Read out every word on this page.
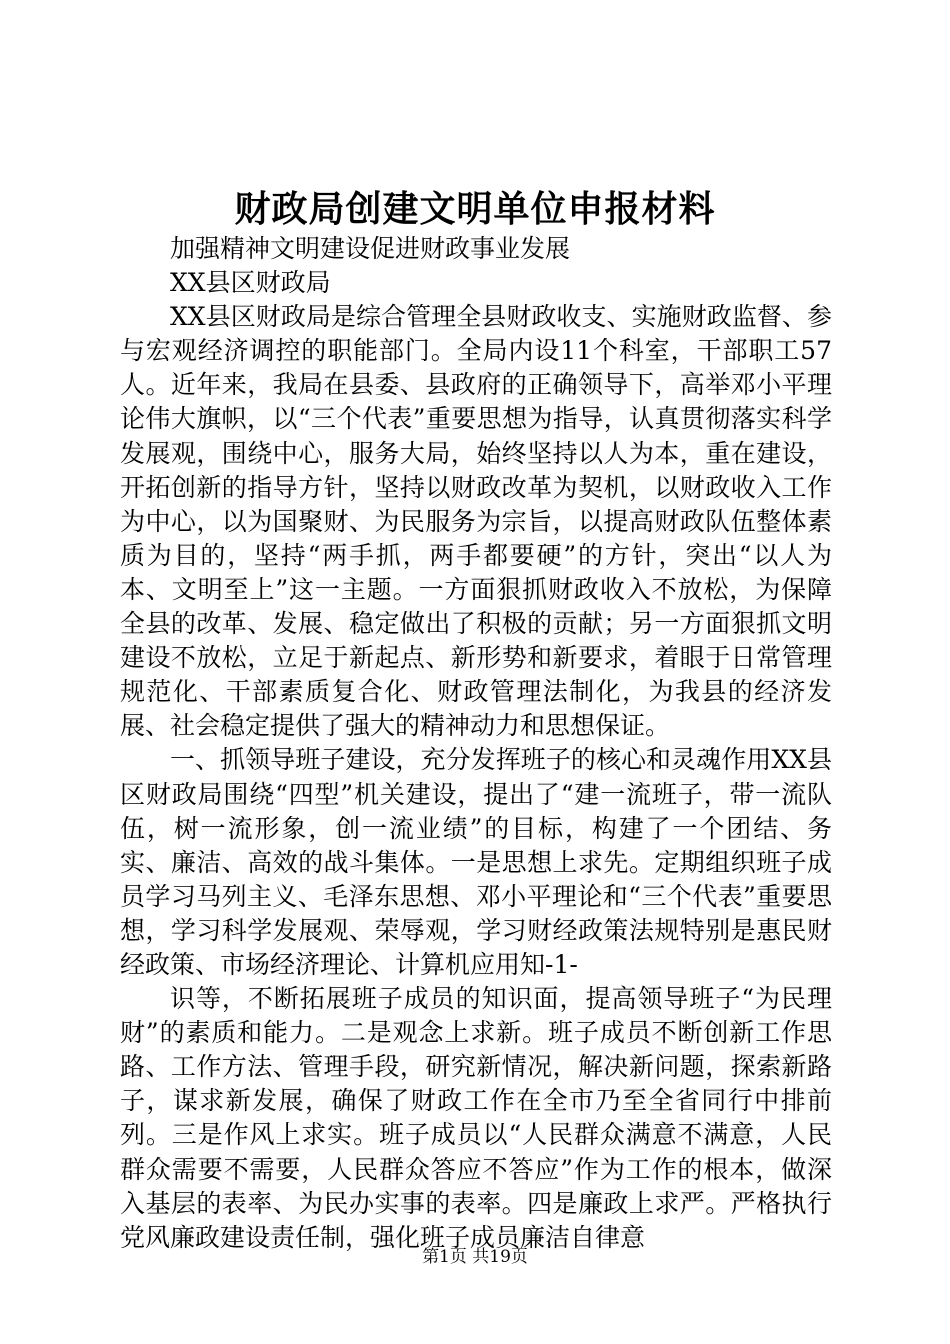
财政局创建文明单位申报材料

加强精神文明建设促进财政事业发展

XX县区财政局

XX县区财政局是综合管理全县财政收支、实施财政监督、参与宏观经济调控的职能部门。全局内设11个科室，干部职工57人。近年来，我局在县委、县政府的正确领导下，高举邓小平理论伟大旗帜，以“三个代表”重要思想为指导，认真贯彻落实科学发展观，围绕中心，服务大局，始终坚持以人为本，重在建设，开拓创新的指导方针，坚持以财政改革为契机，以财政收入工作为中心，以为国聚财、为民服务为宗旨，以提高财政队伍整体素质为目的，坚持“两手抓，两手都要硬”的方针，突出“以人为本、文明至上”这一主题。一方面狠抓财政收入不放松，为保障全县的改革、发展、稳定做出了积极的贡献；另一方面狠抓文明建设不放松，立足于新起点、新形势和新要求，着眼于日常管理规范化、干部素质复合化、财政管理法制化，为我县的经济发展、社会稳定提供了强大的精神动力和思想保证。

一、抓领导班子建设，充分发挥班子的核心和灵魂作用XX县区财政局围绕“四型”机关建设，提出了“建一流班子，带一流队伍，树一流形象，创一流业绩”的目标，构建了一个团结、务实、廉洁、高效的战斗集体。一是思想上求先。定期组织班子成员学习马列主义、毛泽东思想、邓小平理论和“三个代表”重要思想，学习科学发展观、荣辱观，学习财经政策法规特别是惠民财经政策、市场经济理论、计算机应用知-1-

识等，不断拓展班子成员的知识面，提高领导班子“为民理财”的素质和能力。二是观念上求新。班子成员不断创新工作思路、工作方法、管理手段，研究新情况，解决新问题，探索新路子，谋求新发展，确保了财政工作在全市乃至全省同行中排前列。三是作风上求实。班子成员以“人民群众满意不满意，人民群众需要不需要，人民群众答应不答应”作为工作的根本，做深入基层的表率、为民办实事的表率。四是廉政上求严。严格执行党风廉政建设责任制，强化班子成员廉洁自律意

第1页 共19页
